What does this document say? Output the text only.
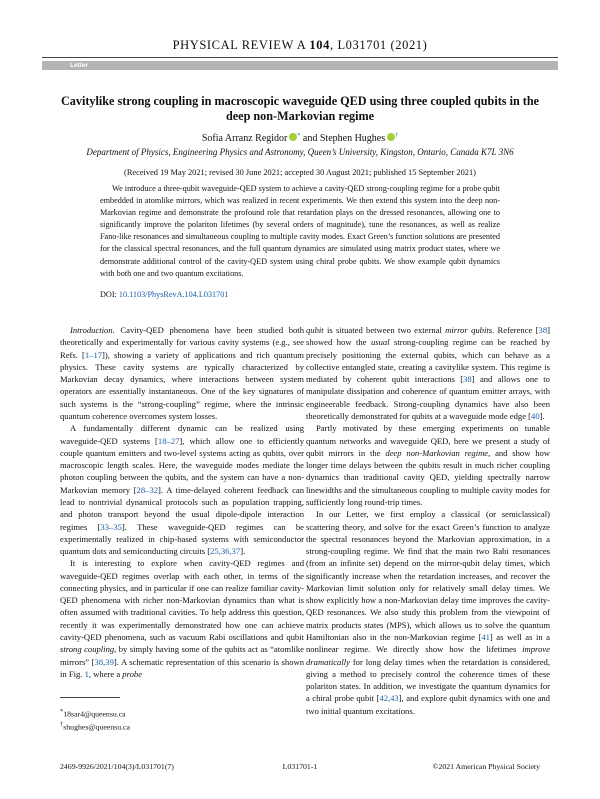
PHYSICAL REVIEW A 104, L031701 (2021)
Letter
Cavitylike strong coupling in macroscopic waveguide QED using three coupled qubits in the deep non-Markovian regime
Sofia Arranz Regidor * and Stephen Hughes †
Department of Physics, Engineering Physics and Astronomy, Queen’s University, Kingston, Ontario, Canada K7L 3N6
(Received 19 May 2021; revised 30 June 2021; accepted 30 August 2021; published 15 September 2021)
We introduce a three-qubit waveguide-QED system to achieve a cavity-QED strong-coupling regime for a probe qubit embedded in atomlike mirrors, which was realized in recent experiments. We then extend this system into the deep non-Markovian regime and demonstrate the profound role that retardation plays on the dressed resonances, allowing one to significantly improve the polariton lifetimes (by several orders of magnitude), tune the resonances, as well as realize Fano-like resonances and simultaneous coupling to multiple cavity modes. Exact Green’s function solutions are presented for the classical spectral resonances, and the full quantum dynamics are simulated using matrix product states, where we demonstrate additional control of the cavity-QED system using chiral probe qubits. We show example qubit dynamics with both one and two quantum excitations.
DOI: 10.1103/PhysRevA.104.L031701

Introduction. Cavity-QED phenomena have been studied both theoretically and experimentally for various cavity systems (e.g., see Refs. [1–17]), showing a variety of applications and rich quantum physics. These cavity systems are typically characterized by Markovian decay dynamics, where interactions between system operators are essentially instantaneous. One of the key signatures of such systems is the “strong-coupling” regime, where the intrinsic quantum coherence overcomes system losses.

A fundamentally different dynamic can be realized using waveguide-QED systems [18–27], which allow one to efficiently couple quantum emitters and two-level systems acting as qubits, over macroscopic length scales. Here, the waveguide modes mediate the photon coupling between the qubits, and the system can have a non-Markovian memory [28–32]. A time-delayed coherent feedback can lead to nontrivial dynamical protocols such as population trapping, and photon transport beyond the usual dipole-dipole interaction regimes [33–35]. These waveguide-QED regimes can be experimentally realized in chip-based systems with semiconductor quantum dots and semiconducting circuits [25,36,37].

It is interesting to explore when cavity-QED regimes and waveguide-QED regimes overlap with each other, in terms of the connecting physics, and in particular if one can realize familiar cavity-QED phenomena with richer non-Markovian dynamics than what is often assumed with traditional cavities. To help address this question, recently it was experimentally demonstrated how one can achieve cavity-QED phenomena, such as vacuum Rabi oscillations and qubit strong coupling, by simply having some of the qubits act as “atomlike mirrors” [38,39]. A schematic representation of this scenario is shown in Fig. 1, where a probe

qubit is situated between two external mirror qubits. Reference [38] showed how the usual strong-coupling regime can be reached by precisely positioning the external qubits, which can behave as a collective entangled state, creating a cavitylike system. This regime is mediated by coherent qubit interactions [38] and allows one to manipulate dissipation and coherence of quantum emitter arrays, with engineerable feedback. Strong-coupling dynamics have also been theoretically demonstrated for qubits at a waveguide mode edge [40].

Partly motivated by these emerging experiments on tunable quantum networks and waveguide QED, here we present a study of qubit mirrors in the deep non-Markovian regime, and show how longer time delays between the qubits result in much richer coupling dynamics than traditional cavity QED, yielding spectrally narrow linewidths and the simultaneous coupling to multiple cavity modes for sufficiently long round-trip times.

In our Letter, we first employ a classical (or semiclassical) scattering theory, and solve for the exact Green’s function to analyze the spectral resonances beyond the Markovian approximation, in a strong-coupling regime. We find that the main two Rabi resonances (from an infinite set) depend on the mirror-qubit delay times, which significantly increase when the retardation increases, and recover the Markovian limit solution only for relatively small delay times. We show explicitly how a non-Markovian delay time improves the cavity-QED resonances. We also study this problem from the viewpoint of matrix products states (MPS), which allows us to solve the quantum Hamiltonian also in the non-Markovian regime [41] as well as in a nonlinear regime. We directly show how the lifetimes improve dramatically for long delay times when the retardation is considered, giving a method to precisely control the coherence times of these polariton states. In addition, we investigate the quantum dynamics for a chiral probe qubit [42,43], and explore qubit dynamics with one and two initial quantum excitations.

*18sar4@queensu.ca
†shughes@queensu.ca
2469-9926/2021/104(3)/L031701(7)	L031701-1	©2021 American Physical Society
